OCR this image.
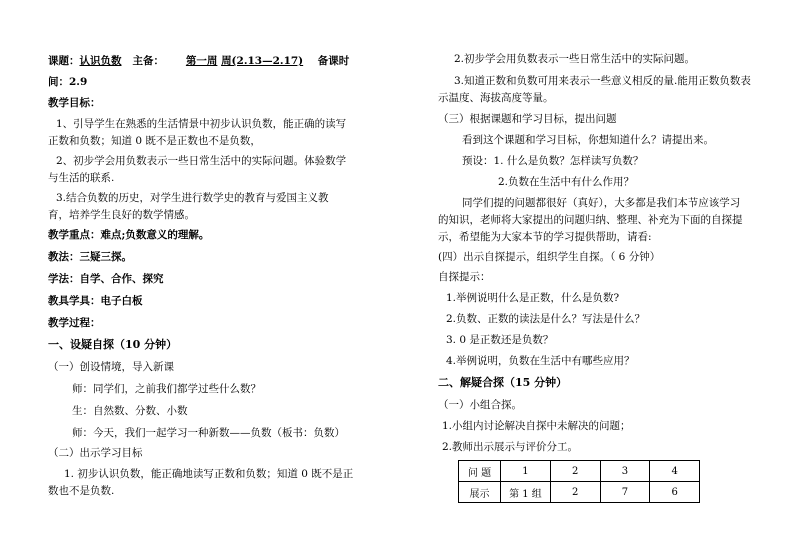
课题：认识负数 主备： 第一周 周(2.13—2.17) 备课时
间：2.9
教学目标：
1、引导学生在熟悉的生活情景中初步认识负数，能正确的读写
正数和负数；知道 0 既不是正数也不是负数，
2、初步学会用负数表示一些日常生活中的实际问题。体验数学
与生活的联系.
3.结合负数的历史，对学生进行数学史的教育与爱国主义教
育，培养学生良好的数学情感。
教学重点：难点;负数意义的理解。
教法：三疑三探。
学法：自学、合作、探究
教具学具：电子白板
教学过程：
一、设疑自探（10 分钟）
（一）创设情境，导入新课
师：同学们，之前我们都学过些什么数？
生：自然数、分数、小数
师：今天，我们一起学习一种新数——负数（板书：负数）
（二）出示学习目标
1. 初步认识负数，能正确地读写正数和负数；知道 0 既不是正
数也不是负数.
2.初步学会用负数表示一些日常生活中的实际问题。
3.知道正数和负数可用来表示一些意义相反的量.能用正数负数表
示温度、海拔高度等量。
（三）根据课题和学习目标，提出问题
看到这个课题和学习目标，你想知道什么？请提出来。
预设：1. 什么是负数？怎样读写负数？
2.负数在生活中有什么作用？
同学们提的问题都很好（真好），大多都是我们本节应该学习
的知识，老师将大家提出的问题归纳、整理、补充为下面的自探提
示，希望能为大家本节的学习提供帮助，请看:
(四）出示自探提示，组织学生自探。（ 6 分钟）
自探提示：
1.举例说明什么是正数，什么是负数?
2.负数、正数的读法是什么？写法是什么？
3. 0 是正数还是负数？
4.举例说明，负数在生活中有哪些应用？
二、解疑合探（15 分钟）
（一）小组合探。
1.小组内讨论解决自探中未解决的问题；
2.教师出示展示与评价分工。
问 题	1	2	3	4
展示	第 1 组	2	7	6
